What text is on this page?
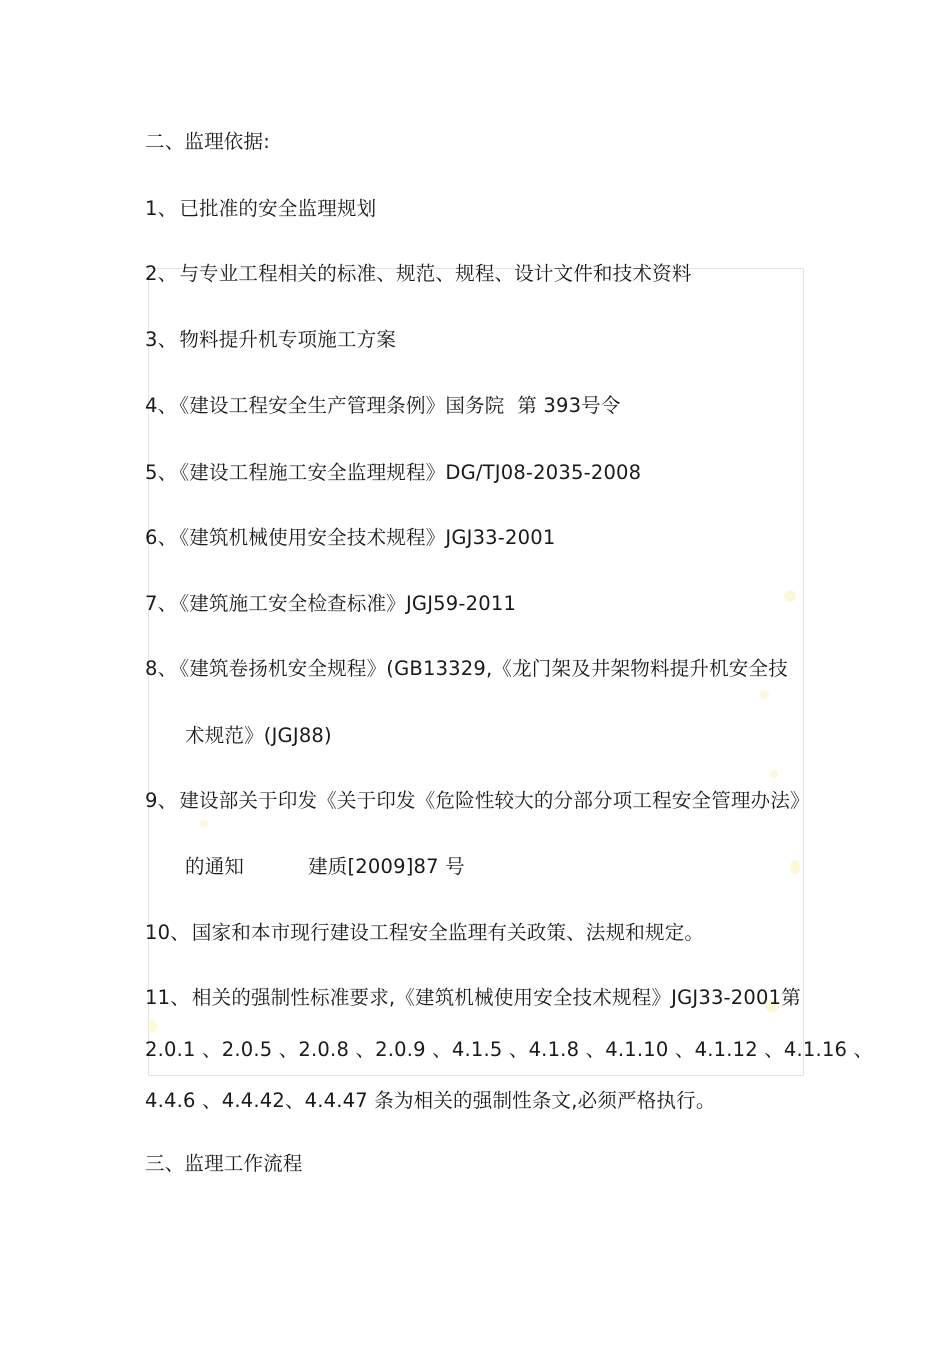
二、监理依据:
1、 已批准的安全监理规划
2、 与专业工程相关的标准、规范、规程、设计文件和技术资料
3、 物料提升机专项施工方案
4、 《建设工程安全生产管理条例》国务院  第 393号令
5、 《建设工程施工安全监理规程》DG/TJ08-2035-2008
6、 《建筑机械使用安全技术规程》JGJ33-2001
7、 《建筑施工安全检查标准》JGJ59-2011
8、 《建筑卷扬机安全规程》(GB13329,《龙门架及井架物料提升机安全技
术规范》(JGJ88)
9、 建设部关于印发《关于印发《危险性较大的分部分项工程安全管理办法》
的通知          建质[2009]87 号
10、 国家和本市现行建设工程安全监理有关政策、法规和规定。
11、 相关的强制性标准要求,《建筑机械使用安全技术规程》JGJ33-2001第
2.0.1 、2.0.5 、2.0.8 、2.0.9 、4.1.5 、4.1.8 、4.1.10 、4.1.12 、4.1.16 、
4.4.6 、4.4.42、4.4.47 条为相关的强制性条文,必须严格执行。
三、监理工作流程
